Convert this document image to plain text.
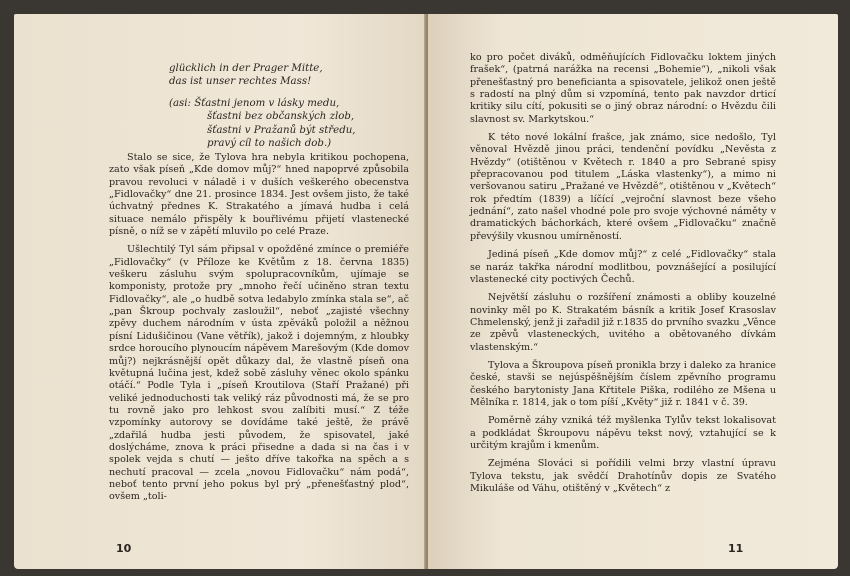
glücklich in der Prager Mitte,
das ist unser rechtes Mass!
(asi: Šťastni jenom v lásky medu,
šťastni bez občanských zlob,
šťastni v Pražanů být středu,
pravý cíl to našich dob.)

Stalo se sice, že Tylova hra nebyla kritikou pochopena, zato však píseň „Kde domov můj?“ hned napoprvé způsobila pravou revoluci v náladě i v duších veškerého obecenstva „Fidlovačky“ dne 21. prosince 1834. Jest ovšem jisto, že také úchvatný přednes K. Strakatého a jímavá hudba i celá situace nemálo přispěly k bouřlivému přijetí vlastenecké písně, o níž se v zápětí mluvilo po celé Praze.

Ušlechtilý Tyl sám připsal v opožděné zmínce o premiéře „Fidlovačky“ (v Příloze ke Květům z 18. června 1835) veškeru zásluhu svým spolupracovníkům, ujímaje se komponisty, protože pry „mnoho řečí učiněno stran textu Fidlovačky“, ale „o hudbě sotva ledabylo zmínka stala se“, ač „pan Škroup pochvaly zasloužil“, neboť „zajisté všechny zpěvy duchem národním v ústa zpěváků položil a něžnou písní Lidušičinou (Vane větřík), jakož i dojemným, z hloubky srdce horoucího plynoucím nápěvem Marešovým (Kde domov můj?) nejkrásnější opět důkazy dal, že vlastně píseň ona květupná lučina jest, kdež sobě zásluhy věnec okolo spánku otáčí.“ Podle Tyla i „píseň Kroutilova (Staří Pražané) při veliké jednoduchosti tak veliký ráz původnosti má, že se pro tu rovně jako pro lehkost svou zalíbiti musí.“ Z téže vzpomínky autorovy se dovídáme také ještě, že právě „zdařilá hudba jesti původem, že spisovatel, jaké doslýcháme, znova k práci přisedne a dada si na čas i v spolek vejda s chutí — ješto dříve takořka na spěch a s nechutí pracoval — zcela „novou Fidlovačku“ nám podá“, neboť tento první jeho pokus byl prý „přenešťastný plod“, ovšem „toli-

10

ko pro počet diváků, odměňujících Fidlovačku loktem jiných frašek“, (patrná narážka na recensi „Bohemie“), „nikoli však přenešťastný pro beneficianta a spisovatele, jelikož onen ještě s radostí na plný dům si vzpomíná, tento pak navzdor drticí kritiky silu cítí, pokusiti se o jiný obraz národní: o Hvězdu čili slavnost sv. Markytskou.“

K této nové lokální frašce, jak známo, sice nedošlo, Tyl věnoval Hvězdě jinou práci, tendenční povídku „Nevěsta z Hvězdy“ (otištěnou v Květech r. 1840 a pro Sebrané spisy přepracovanou pod titulem „Láska vlastenky“), a mimo ni veršovanou satiru „Pražané ve Hvězdě“, otištěnou v „Květech“ rok předtím (1839) a líčící „vejroční slavnost beze všeho jednání“, zato našel vhodné pole pro svoje výchovné náměty v dramatických báchorkách, které ovšem „Fidlovačku“ značně převýšily vkusnou umírněností.

Jediná píseň „Kde domov můj?“ z celé „Fidlovačky“ stala se naráz takřka národní modlitbou, povznášející a posilující vlastenecké city poctivých Čechů.

Největší zásluhu o rozšíření známosti a obliby kouzelné novinky měl po K. Strakatém básník a kritik Josef Krasoslav Chmelenský, jenž ji zařadil již r.1835 do prvního svazku „Věnce ze zpěvů vlasteneckých, uvitého a obětovaného dívkám vlastenským.“

Tylova a Škroupova píseň pronikla brzy i daleko za hranice české, stavši se nejúspěšnějším číslem zpěvního programu českého barytonisty Jana Křtitele Piška, rodilého ze Mšena u Mělníka r. 1814, jak o tom píší „Květy“ již r. 1841 v č. 39.

Poměrně záhy vzniká též myšlenka Tylův tekst lokalisovat a podkládat Škroupovu nápěvu tekst nový, vztahující se k určitým krajům i kmenům.

Zejména Slováci si pořídili velmi brzy vlastní úpravu Tylova tekstu, jak svědčí Drahotínův dopis ze Svatého Mikuláše od Váhu, otištěný v „Květech“ z

11
